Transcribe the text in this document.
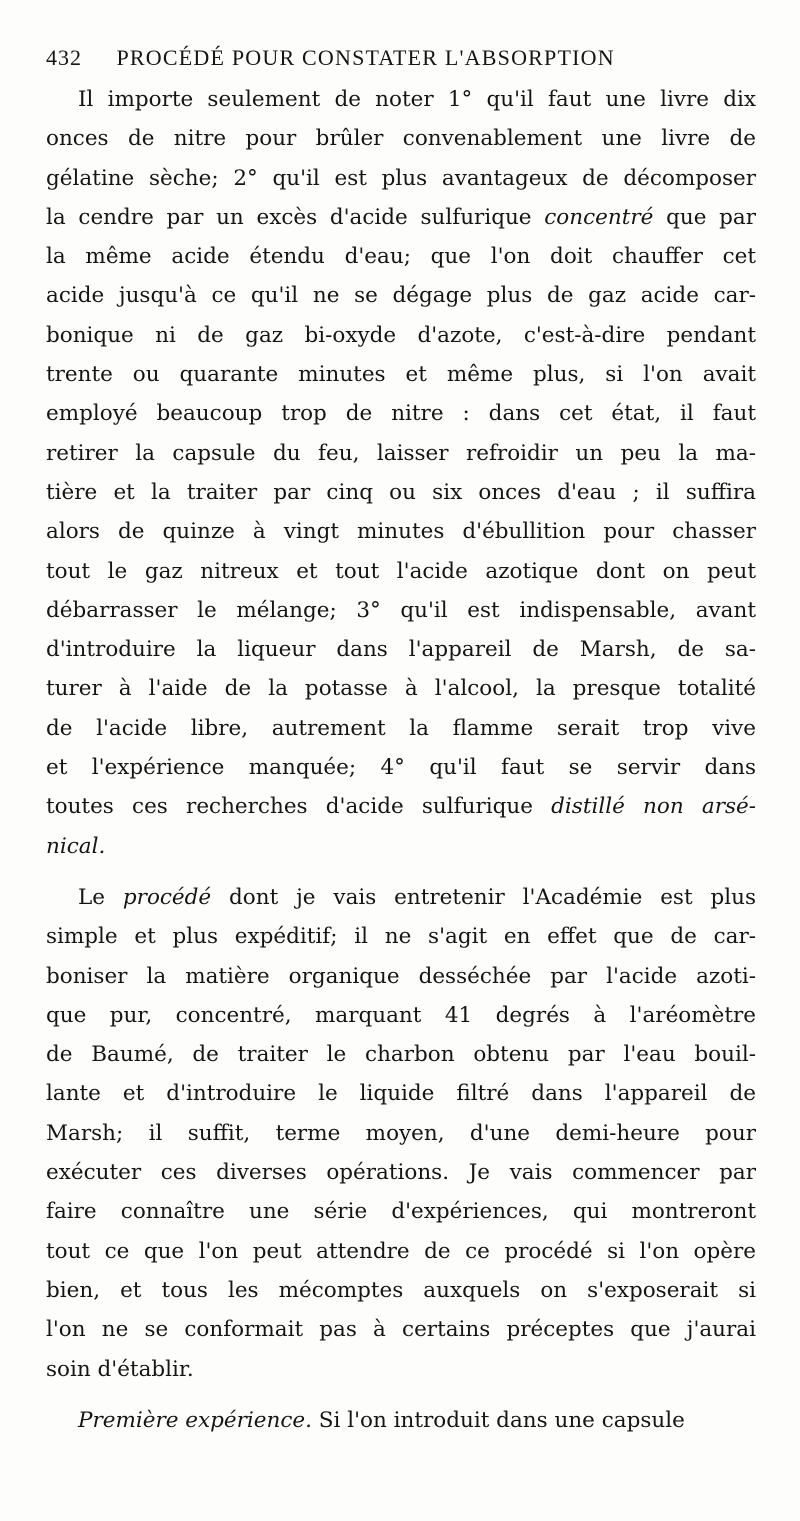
432 PROCÉDÉ POUR CONSTATER L'ABSORPTION
Il importe seulement de noter 1° qu'il faut une livre dix
onces de nitre pour brûler convenablement une livre de
gélatine sèche; 2° qu'il est plus avantageux de décomposer
la cendre par un excès d'acide sulfurique concentré que par
la même acide étendu d'eau; que l'on doit chauffer cet
acide jusqu'à ce qu'il ne se dégage plus de gaz acide car-
bonique ni de gaz bi-oxyde d'azote, c'est-à-dire pendant
trente ou quarante minutes et même plus, si l'on avait
employé beaucoup trop de nitre : dans cet état, il faut
retirer la capsule du feu, laisser refroidir un peu la ma-
tière et la traiter par cinq ou six onces d'eau ; il suffira
alors de quinze à vingt minutes d'ébullition pour chasser
tout le gaz nitreux et tout l'acide azotique dont on peut
débarrasser le mélange; 3° qu'il est indispensable, avant
d'introduire la liqueur dans l'appareil de Marsh, de sa-
turer à l'aide de la potasse à l'alcool, la presque totalité
de l'acide libre, autrement la flamme serait trop vive
et l'expérience manquée; 4° qu'il faut se servir dans
toutes ces recherches d'acide sulfurique distillé non arsé-
nical.
Le procédé dont je vais entretenir l'Académie est plus
simple et plus expéditif; il ne s'agit en effet que de car-
boniser la matière organique desséchée par l'acide azoti-
que pur, concentré, marquant 41 degrés à l'aréomètre
de Baumé, de traiter le charbon obtenu par l'eau bouil-
lante et d'introduire le liquide filtré dans l'appareil de
Marsh; il suffit, terme moyen, d'une demi-heure pour
exécuter ces diverses opérations. Je vais commencer par
faire connaître une série d'expériences, qui montreront
tout ce que l'on peut attendre de ce procédé si l'on opère
bien, et tous les mécomptes auxquels on s'exposerait si
l'on ne se conformait pas à certains préceptes que j'aurai
soin d'établir.
Première expérience. Si l'on introduit dans une capsule
